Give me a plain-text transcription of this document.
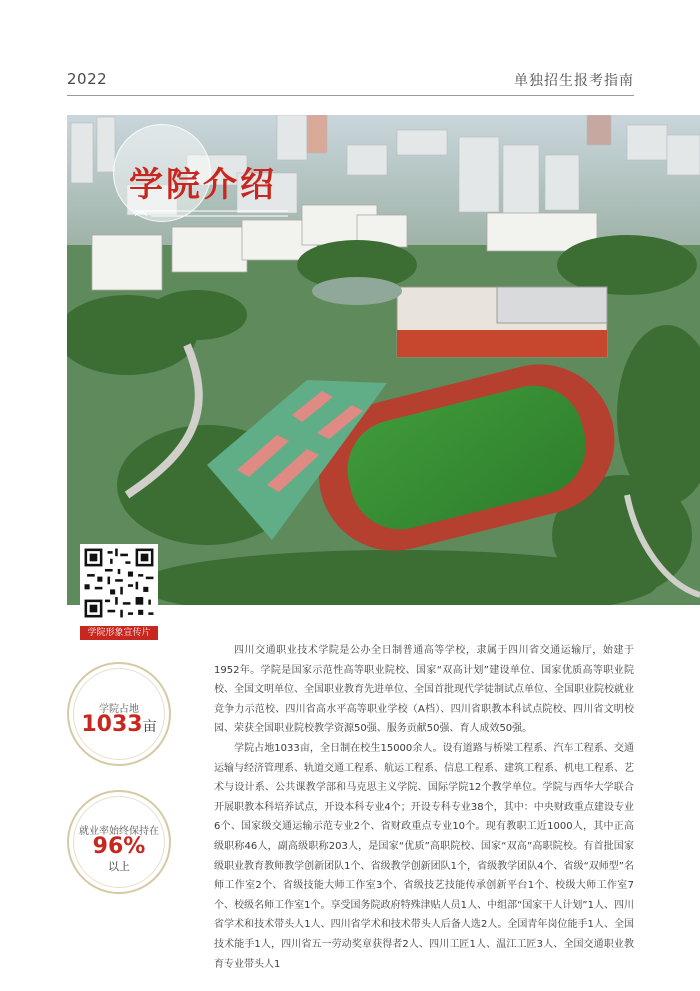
2022	单独招生报考指南
学院介绍
学院形象宣传片
学院占地
1033亩
就业率始终保持在
96%
以上

四川交通职业技术学院是公办全日制普通高等学校，隶属于四川省交通运输厅，始建于1952年。学院是国家示范性高等职业院校、国家“双高计划”建设单位、国家优质高等职业院校、全国文明单位、全国职业教育先进单位、全国首批现代学徒制试点单位、全国职业院校就业竞争力示范校、四川省高水平高等职业学校（A档）、四川省职教本科试点院校、四川省文明校园、荣获全国职业院校教学资源50强、服务贡献50强、育人成效50强。

学院占地1033亩，全日制在校生15000余人。设有道路与桥梁工程系、汽车工程系、交通运输与经济管理系、轨道交通工程系、航运工程系、信息工程系、建筑工程系、机电工程系、艺术与设计系、公共课教学部和马克思主义学院、国际学院12个教学单位。学院与西华大学联合开展职教本科培养试点，开设本科专业4个；开设专科专业38个，其中：中央财政重点建设专业6个、国家级交通运输示范专业2个、省财政重点专业10个。现有教职工近1000人，其中正高级职称46人，副高级职称203人，是国家“优质”高职院校、国家“双高”高职院校。有首批国家级职业教育教师教学创新团队1个、省级教学创新团队1个，省级教学团队4个、省级“双师型”名师工作室2个、省级技能大师工作室3个、省级技艺技能传承创新平台1个、校级大师工作室7个、校级名师工作室1个。享受国务院政府特殊津贴人员1人、中组部“国家干人计划”1人、四川省学术和技术带头人1人、四川省学术和技术带头人后备人选2人。全国青年岗位能手1人、全国技术能手1人，四川省五一劳动奖章获得者2人、四川工匠1人、温江工匠3人、全国交通职业教育专业带头人1
